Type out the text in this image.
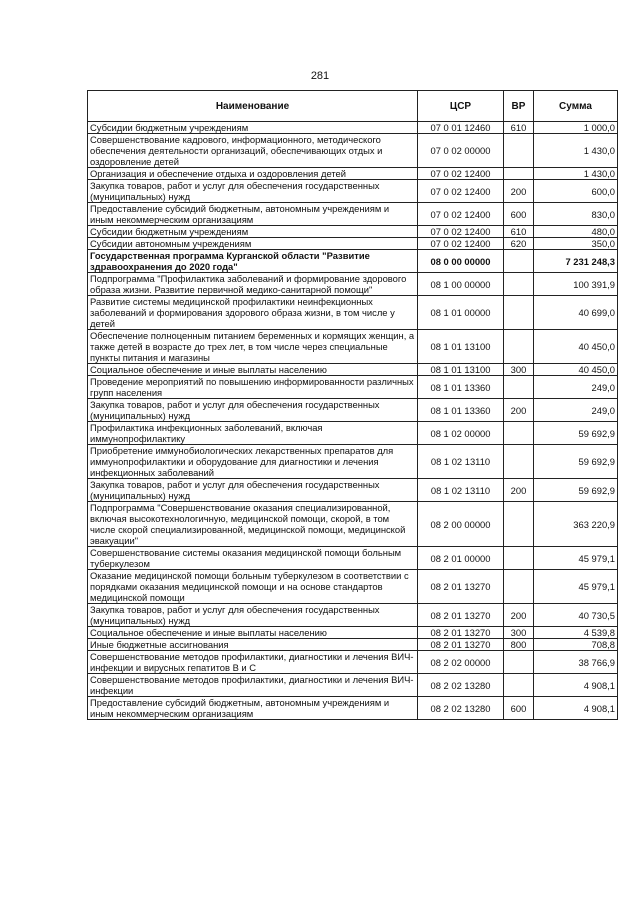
281
Наименование	ЦСР	ВР	Сумма
Субсидии бюджетным учреждениям	07 0 01 12460	610	1 000,0
Совершенствование кадрового, информационного, методического обеспечения деятельности организаций, обеспечивающих отдых и оздоровление детей	07 0 02 00000		1 430,0
Организация и обеспечение отдыха и оздоровления детей	07 0 02 12400		1 430,0
Закупка товаров, работ и услуг для обеспечения государственных (муниципальных) нужд	07 0 02 12400	200	600,0
Предоставление субсидий бюджетным, автономным учреждениям и иным некоммерческим организациям	07 0 02 12400	600	830,0
Субсидии бюджетным учреждениям	07 0 02 12400	610	480,0
Субсидии автономным учреждениям	07 0 02 12400	620	350,0
Государственная программа Курганской области "Развитие здравоохранения до 2020 года"	08 0 00 00000		7 231 248,3
Подпрограмма "Профилактика заболеваний и формирование здорового образа жизни. Развитие первичной медико-санитарной помощи"	08 1 00 00000		100 391,9
Развитие системы медицинской профилактики неинфекционных заболеваний и формирования здорового образа жизни, в том числе у детей	08 1 01 00000		40 699,0
Обеспечение полноценным питанием беременных и кормящих женщин, а также детей в возрасте до трех лет, в том числе через специальные пункты питания и магазины	08 1 01 13100		40 450,0
Социальное обеспечение и иные выплаты населению	08 1 01 13100	300	40 450,0
Проведение мероприятий по повышению информированности различных групп населения	08 1 01 13360		249,0
Закупка товаров, работ и услуг для обеспечения государственных (муниципальных) нужд	08 1 01 13360	200	249,0
Профилактика инфекционных заболеваний, включая иммунопрофилактику	08 1 02 00000		59 692,9
Приобретение иммунобиологических лекарственных препаратов для иммунопрофилактики и оборудование для диагностики и лечения инфекционных заболеваний	08 1 02 13110		59 692,9
Закупка товаров, работ и услуг для обеспечения государственных (муниципальных) нужд	08 1 02 13110	200	59 692,9
Подпрограмма "Совершенствование оказания специализированной, включая высокотехнологичную, медицинской помощи, скорой, в том числе скорой специализированной, медицинской помощи, медицинской эвакуации"	08 2 00 00000		363 220,9
Совершенствование системы оказания медицинской помощи больным туберкулезом	08 2 01 00000		45 979,1
Оказание медицинской помощи больным туберкулезом в соответствии с порядками оказания медицинской помощи и на основе стандартов медицинской помощи	08 2 01 13270		45 979,1
Закупка товаров, работ и услуг для обеспечения государственных (муниципальных) нужд	08 2 01 13270	200	40 730,5
Социальное обеспечение и иные выплаты населению	08 2 01 13270	300	4 539,8
Иные бюджетные ассигнования	08 2 01 13270	800	708,8
Совершенствование методов профилактики, диагностики и лечения ВИЧ-инфекции и вирусных гепатитов В и С	08 2 02 00000		38 766,9
Совершенствование методов профилактики, диагностики и лечения ВИЧ-инфекции	08 2 02 13280		4 908,1
Предоставление субсидий бюджетным, автономным учреждениям и иным некоммерческим организациям	08 2 02 13280	600	4 908,1
